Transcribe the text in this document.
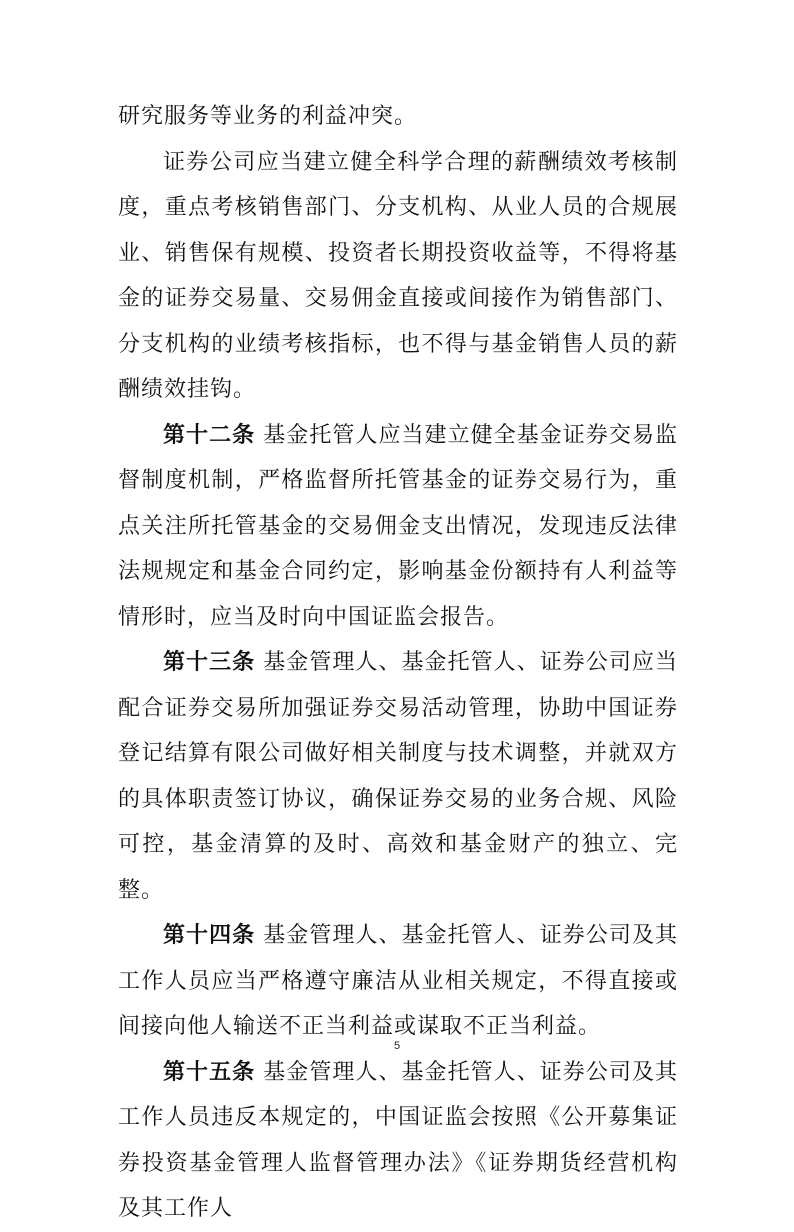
研究服务等业务的利益冲突。

证券公司应当建立健全科学合理的薪酬绩效考核制度，重点考核销售部门、分支机构、从业人员的合规展业、销售保有规模、投资者长期投资收益等，不得将基金的证券交易量、交易佣金直接或间接作为销售部门、分支机构的业绩考核指标，也不得与基金销售人员的薪酬绩效挂钩。

第十二条 基金托管人应当建立健全基金证券交易监督制度机制，严格监督所托管基金的证券交易行为，重点关注所托管基金的交易佣金支出情况，发现违反法律法规规定和基金合同约定，影响基金份额持有人利益等情形时，应当及时向中国证监会报告。

第十三条 基金管理人、基金托管人、证券公司应当配合证券交易所加强证券交易活动管理，协助中国证券登记结算有限公司做好相关制度与技术调整，并就双方的具体职责签订协议，确保证券交易的业务合规、风险可控，基金清算的及时、高效和基金财产的独立、完整。

第十四条 基金管理人、基金托管人、证券公司及其工作人员应当严格遵守廉洁从业相关规定，不得直接或间接向他人输送不正当利益或谋取不正当利益。

第十五条 基金管理人、基金托管人、证券公司及其工作人员违反本规定的，中国证监会按照《公开募集证券投资基金管理人监督管理办法》《证券期货经营机构及其工作人

5
